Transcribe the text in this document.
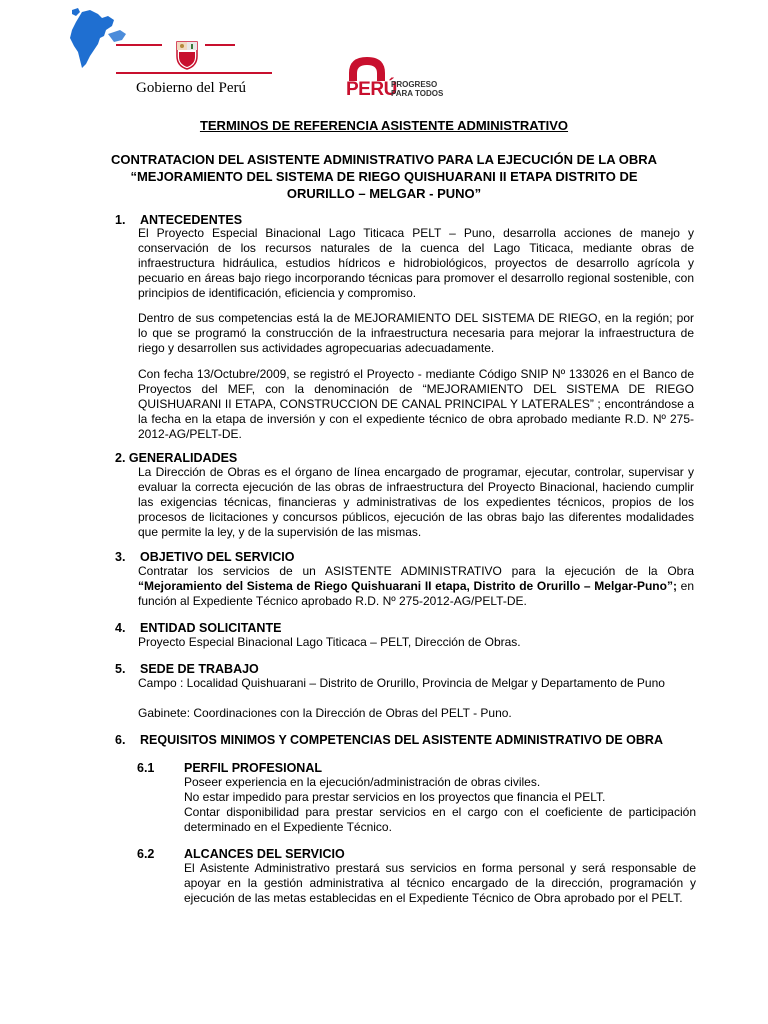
Gobierno del Perú	PERÚ
PROGRESO
PARA TODOS
TERMINOS DE REFERENCIA ASISTENTE ADMINISTRATIVO
CONTRATACION DEL ASISTENTE ADMINISTRATIVO PARA LA EJECUCIÓN DE LA OBRA “MEJORAMIENTO DEL SISTEMA DE RIEGO QUISHUARANI II ETAPA DISTRITO DE ORURILLO – MELGAR - PUNO”
1. ANTECEDENTES
El Proyecto Especial Binacional Lago Titicaca PELT – Puno, desarrolla acciones de manejo y conservación de los recursos naturales de la cuenca del Lago Titicaca, mediante obras de infraestructura hidráulica, estudios hídricos e hidrobiológicos, proyectos de desarrollo agrícola y pecuario en áreas bajo riego incorporando técnicas para promover el desarrollo regional sostenible, con principios de identificación, eficiencia y compromiso.
Dentro de sus competencias está la de MEJORAMIENTO DEL SISTEMA DE RIEGO, en la región; por lo que se programó la construcción de la infraestructura necesaria para mejorar la infraestructura de riego y desarrollen sus actividades agropecuarias adecuadamente.
Con fecha 13/Octubre/2009, se registró el Proyecto - mediante Código SNIP Nº 133026 en el Banco de Proyectos del MEF, con la denominación de “MEJORAMIENTO DEL SISTEMA DE RIEGO QUISHUARANI II ETAPA, CONSTRUCCION DE CANAL PRINCIPAL Y LATERALES” ; encontrándose a la fecha en la etapa de inversión y con el expediente técnico de obra aprobado mediante R.D. Nº 275-2012-AG/PELT-DE.
2. GENERALIDADES
La Dirección de Obras es el órgano de línea encargado de programar, ejecutar, controlar, supervisar y evaluar la correcta ejecución de las obras de infraestructura del Proyecto Binacional, haciendo cumplir las exigencias técnicas, financieras y administrativas de los expedientes técnicos, propios de los procesos de licitaciones y concursos públicos, ejecución de las obras bajo las diferentes modalidades que permite la ley, y de la supervisión de las mismas.
3. OBJETIVO DEL SERVICIO
Contratar los servicios de un ASISTENTE ADMINISTRATIVO para la ejecución de la Obra “Mejoramiento del Sistema de Riego Quishuarani II etapa, Distrito de Orurillo – Melgar-Puno”; en función al Expediente Técnico aprobado R.D. Nº 275-2012-AG/PELT-DE.
4. ENTIDAD SOLICITANTE
Proyecto Especial Binacional Lago Titicaca – PELT, Dirección de Obras.
5. SEDE DE TRABAJO
Campo : Localidad Quishuarani – Distrito de Orurillo, Provincia de Melgar y Departamento de Puno
Gabinete: Coordinaciones con la Dirección de Obras del PELT - Puno.
6. REQUISITOS MINIMOS Y COMPETENCIAS DEL ASISTENTE ADMINISTRATIVO DE OBRA
6.1 PERFIL PROFESIONAL
Poseer experiencia en la ejecución/administración de obras civiles.
No estar impedido para prestar servicios en los proyectos que financia el PELT.
Contar disponibilidad para prestar servicios en el cargo con el coeficiente de participación determinado en el Expediente Técnico.
6.2 ALCANCES DEL SERVICIO
El Asistente Administrativo prestará sus servicios en forma personal y será responsable de apoyar en la gestión administrativa al técnico encargado de la dirección, programación y ejecución de las metas establecidas en el Expediente Técnico de Obra aprobado por el PELT.
